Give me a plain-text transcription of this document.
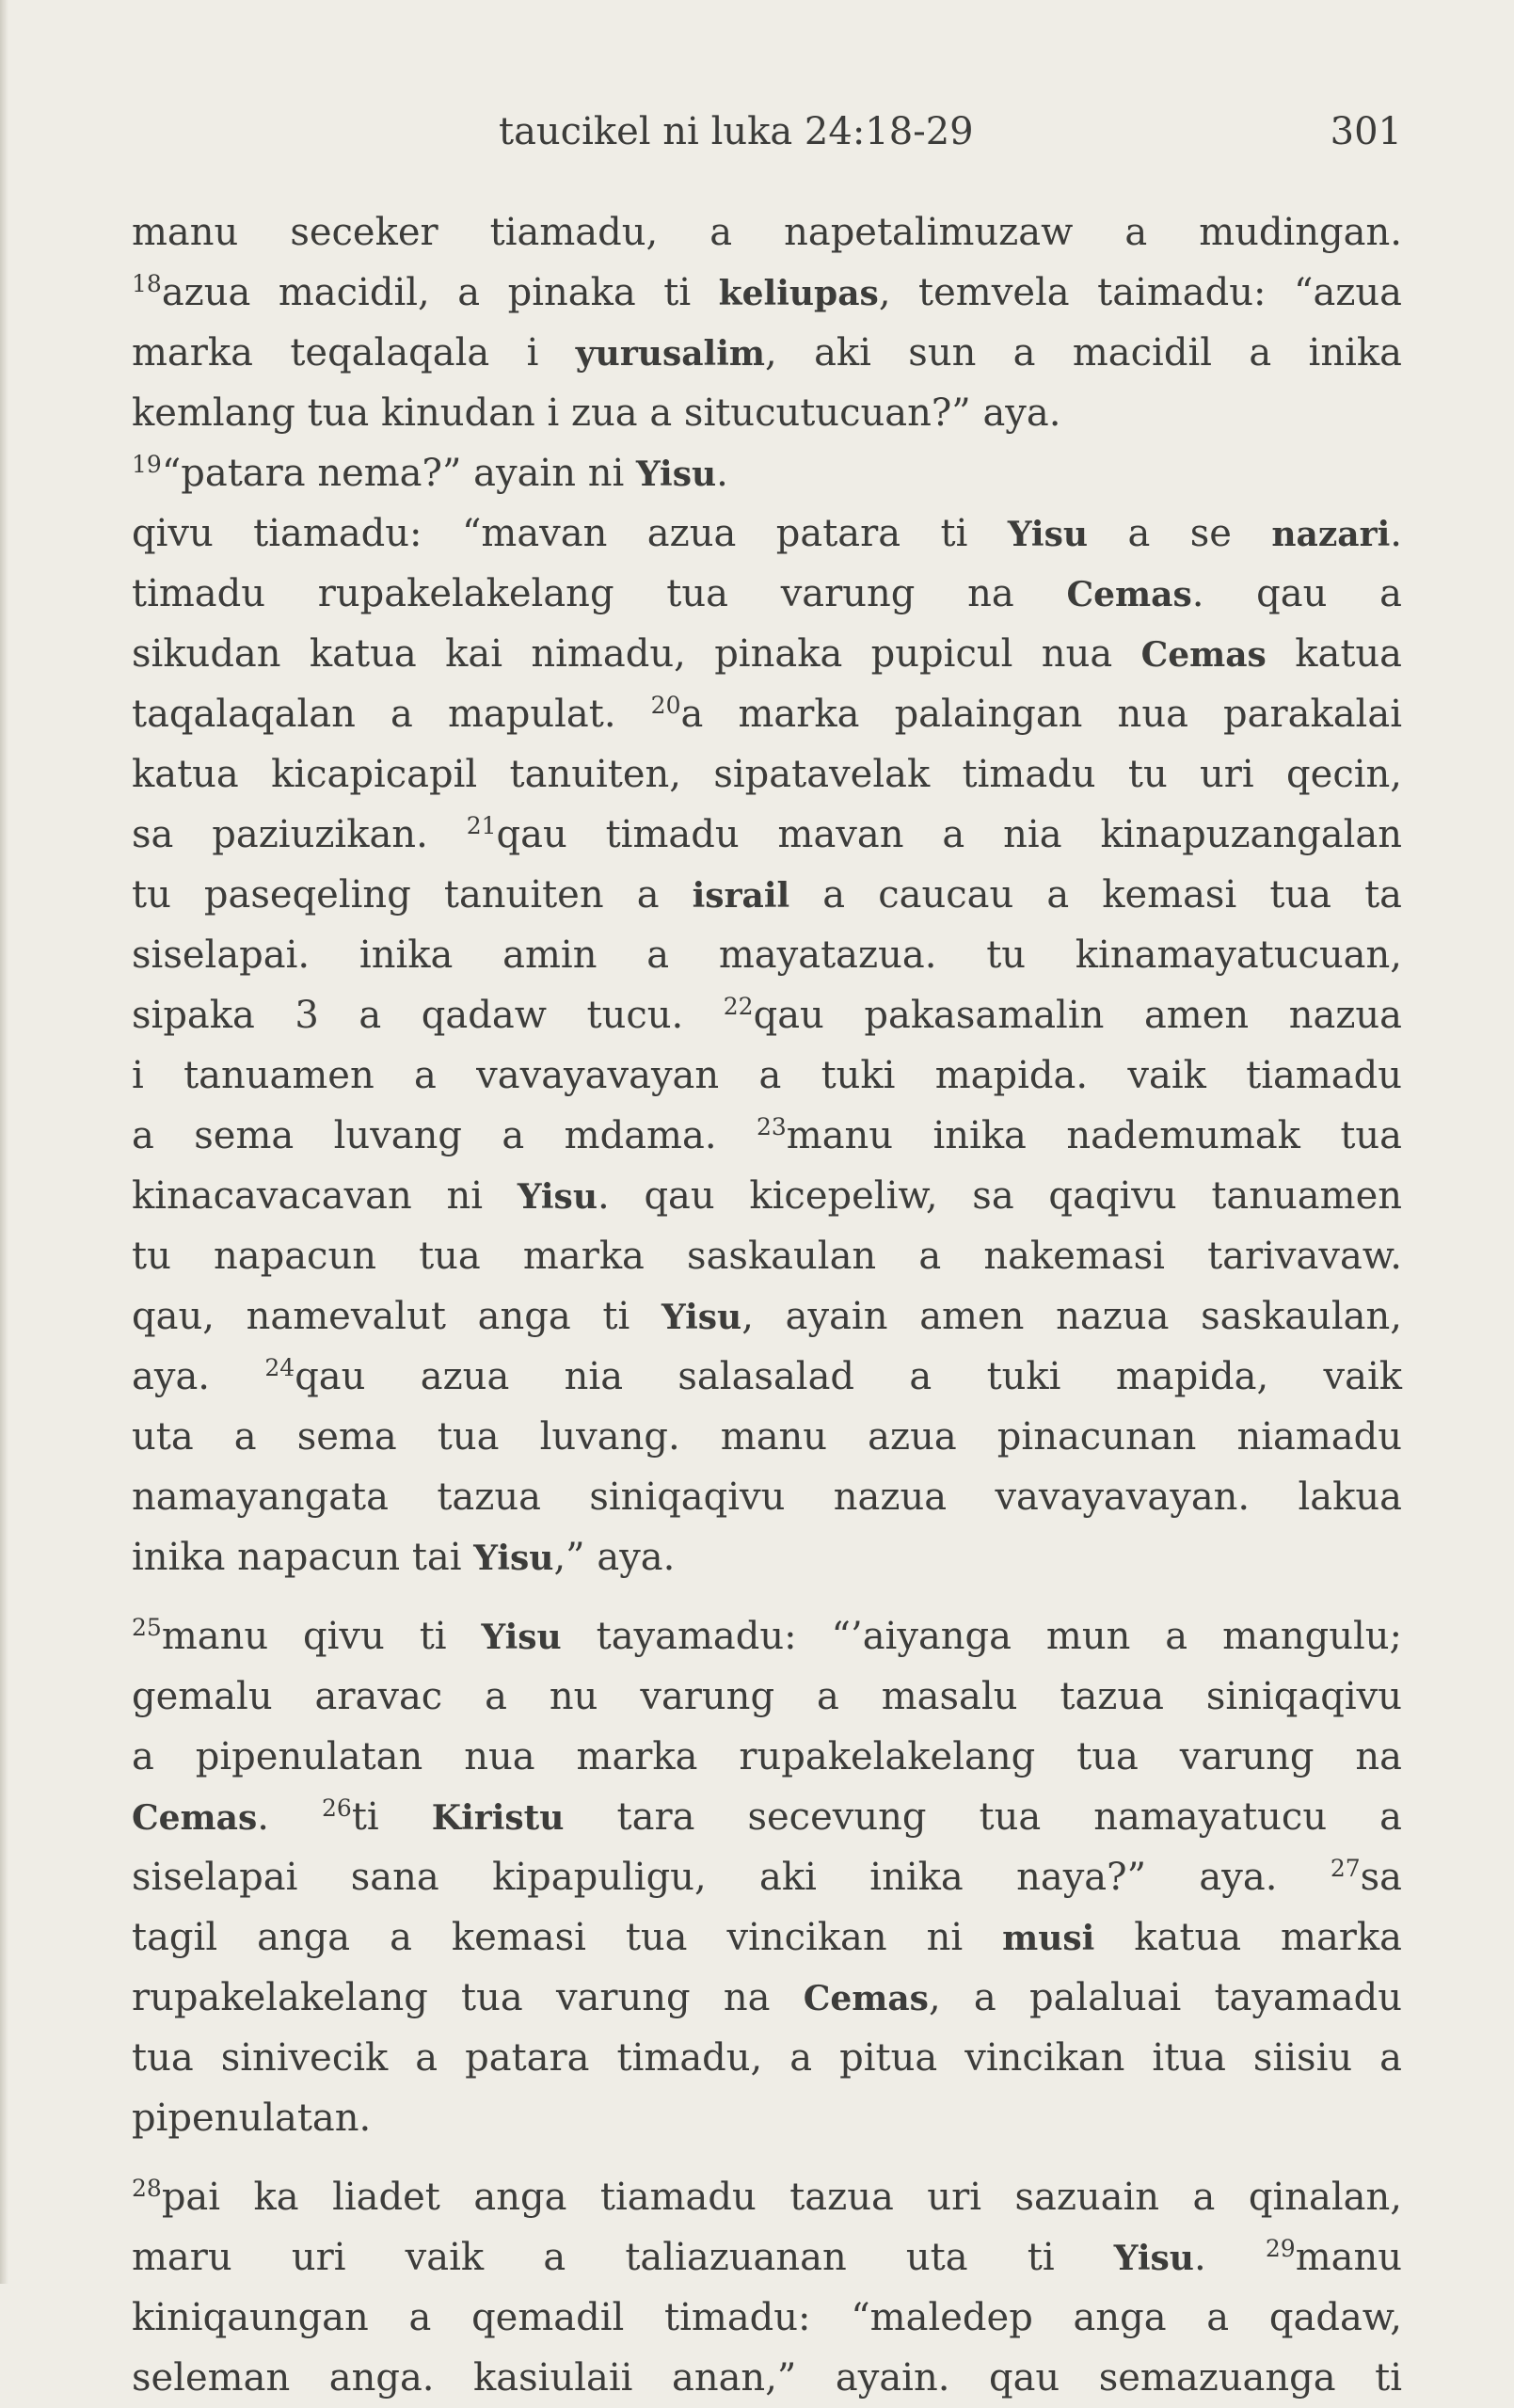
taucikel ni luka 24:18-29	301
manu seceker tiamadu, a napetalimuzaw a mudingan.
$^{18}$azua macidil, a pinaka ti keliupas, temvela taimadu: “azua
marka teqalaqala i yurusalim, aki sun a macidil a inika
kemlang tua kinudan i zua a situcutucuan?” aya.
$^{19}$“patara nema?” ayain ni Yisu.
qivu tiamadu: “mavan azua patara ti Yisu a se nazari.
timadu rupakelakelang tua varung na Cemas. qau a
sikudan katua kai nimadu, pinaka pupicul nua Cemas katua
taqalaqalan a mapulat. $^{20}$a marka palaingan nua parakalai
katua kicapicapil tanuiten, sipatavelak timadu tu uri qecin,
sa paziuzikan. $^{21}$qau timadu mavan a nia kinapuzangalan
tu paseqeling tanuiten a israil a caucau a kemasi tua ta
siselapai. inika amin a mayatazua. tu kinamayatucuan,
sipaka 3 a qadaw tucu. $^{22}$qau pakasamalin amen nazua
i tanuamen a vavayavayan a tuki mapida. vaik tiamadu
a sema luvang a mdama. $^{23}$manu inika nademumak tua
kinacavacavan ni Yisu. qau kicepeliw, sa qaqivu tanuamen
tu napacun tua marka saskaulan a nakemasi tarivavaw.
qau, namevalut anga ti Yisu, ayain amen nazua saskaulan,
aya. $^{24}$qau azua nia salasalad a tuki mapida, vaik
uta a sema tua luvang. manu azua pinacunan niamadu
namayangata tazua siniqaqivu nazua vavayavayan. lakua
inika napacun tai Yisu,” aya.
$^{25}$manu qivu ti Yisu tayamadu: “’aiyanga mun a mangulu;
gemalu aravac a nu varung a masalu tazua siniqaqivu
a pipenulatan nua marka rupakelakelang tua varung na
Cemas. $^{26}$ti Kiristu tara secevung tua namayatucu a
siselapai sana kipapuligu, aki inika naya?” aya. $^{27}$sa
tagil anga a kemasi tua vincikan ni musi katua marka
rupakelakelang tua varung na Cemas, a palaluai tayamadu
tua sinivecik a patara timadu, a pitua vincikan itua siisiu a
pipenulatan.
$^{28}$pai ka liadet anga tiamadu tazua uri sazuain a qinalan,
maru uri vaik a taliazuanan uta ti Yisu. $^{29}$manu
kiniqaungan a qemadil timadu: “maledep anga a qadaw,
seleman anga. kasiulaii anan,” ayain. qau semazuanga ti
